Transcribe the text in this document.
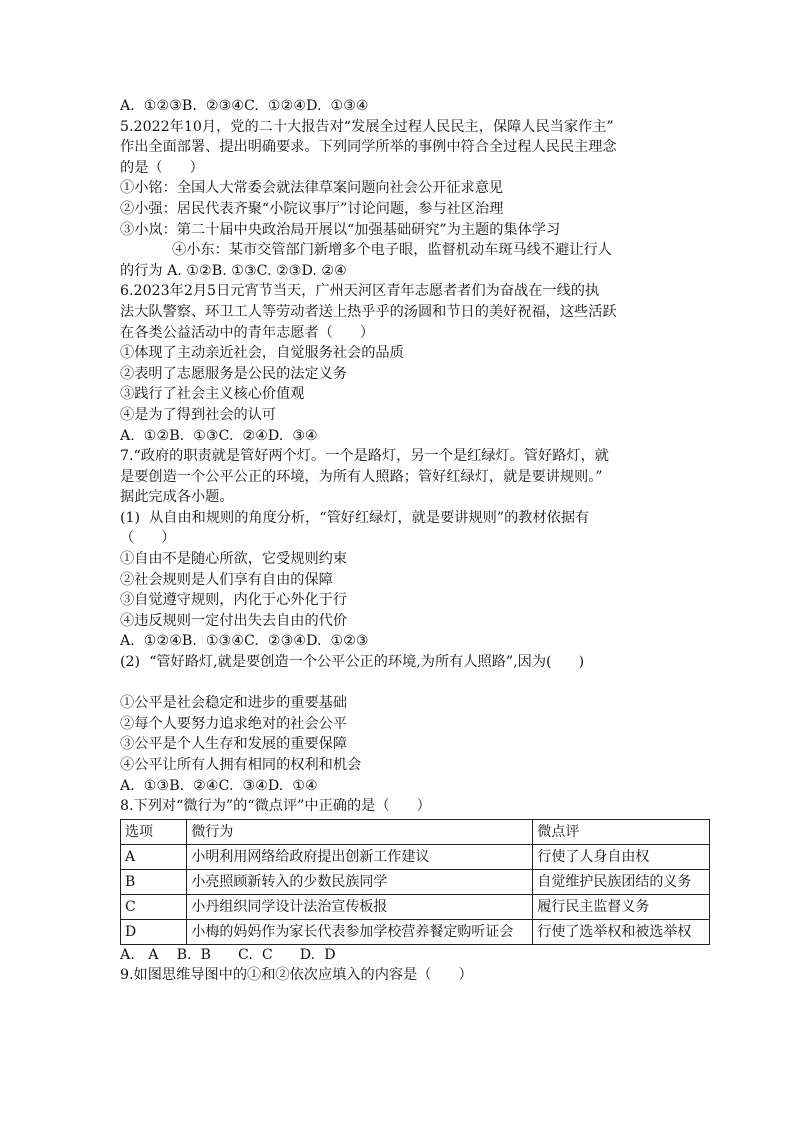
A.  ①②③B.  ②③④C.  ①②④D.  ①③④

5.2022年10月，党的二十大报告对“发展全过程人民民主，保障人民当家作主”

作出全面部署、提出明确要求。下列同学所举的事例中符合全过程人民民主理念

的是（      ）

①小铭：全国人大常委会就法律草案问题向社会公开征求意见

②小强：居民代表齐聚“小院议事厅”讨论问题，参与社区治理

③小岚：第二十届中央政治局开展以“加强基础研究”为主题的集体学习

④小东：某市交管部门新增多个电子眼，监督机动车斑马线不避让行人

的行为 A. ①②B. ①③C. ②③D. ②④

6.2023年2月5日元宵节当天，广州天河区青年志愿者者们为奋战在一线的执

法大队警察、环卫工人等劳动者送上热乎乎的汤圆和节日的美好祝福，这些活跃

在各类公益活动中的青年志愿者（      ）

①体现了主动亲近社会，自觉服务社会的品质

②表明了志愿服务是公民的法定义务

③践行了社会主义核心价值观

④是为了得到社会的认可

A.  ①②B.  ①③C.  ②④D.  ③④

7.“政府的职责就是管好两个灯。一个是路灯，另一个是红绿灯。管好路灯，就

是要创造一个公平公正的环境，为所有人照路；管好红绿灯，就是要讲规则。”

据此完成各小题。

(1)  从自由和规则的角度分析，“管好红绿灯，就是要讲规则”的教材依据有

（      ）

①自由不是随心所欲，它受规则约束

②社会规则是人们享有自由的保障

③自觉遵守规则，内化于心外化于行

④违反规则一定付出失去自由的代价

A.  ①②④B.  ①③④C.  ②③④D.  ①②③

(2)  “管好路灯,就是要创造一个公平公正的环境,为所有人照路”,因为(      )

①公平是社会稳定和进步的重要基础

②每个人要努力追求绝对的社会公平

③公平是个人生存和发展的重要保障

④公平让所有人拥有相同的权利和机会

A.  ①③B.  ②④C.  ③④D.  ①④

8.下列对“微行为”的“微点评”中正确的是（      ）

选项	微行为	微点评
A	小明利用网络给政府提出创新工作建议	行使了人身自由权
B	小亮照顾新转入的少数民族同学	自觉维护民族团结的义务
C	小丹组织同学设计法治宣传板报	履行民主监督义务
D	小梅的妈妈作为家长代表参加学校营养餐定购听证会	行使了选举权和被选举权

A.   A    B.  B      C.  C      D.  D

9.如图思维导图中的①和②依次应填入的内容是（      ）
